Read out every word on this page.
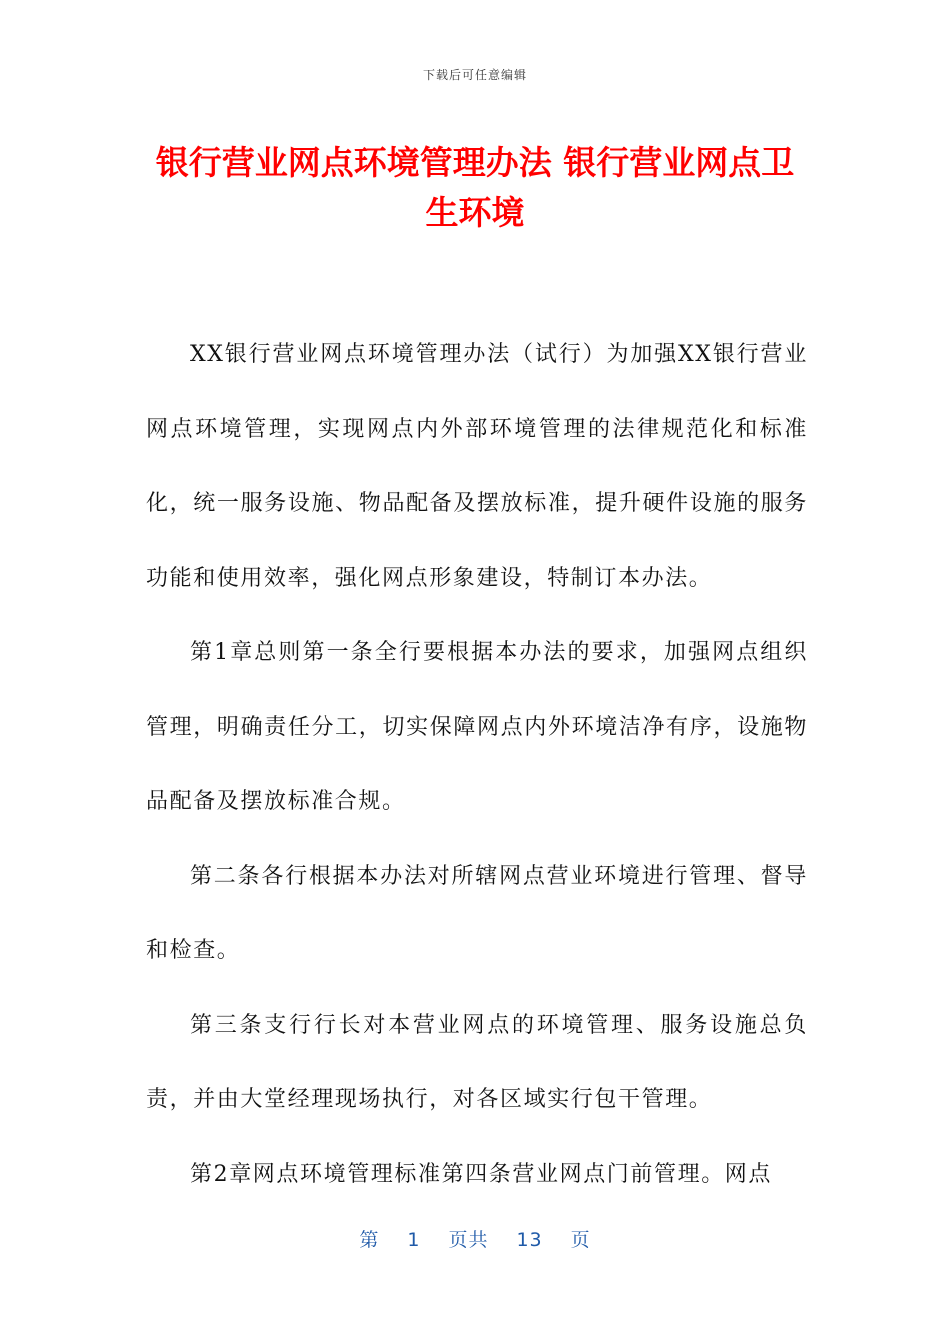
下载后可任意编辑
银行营业网点环境管理办法 银行营业网点卫生环境

XX银行营业网点环境管理办法（试行）为加强XX银行营业网点环境管理，实现网点内外部环境管理的法律规范化和标准化，统一服务设施、物品配备及摆放标准，提升硬件设施的服务功能和使用效率，强化网点形象建设，特制订本办法。

第1章总则第一条全行要根据本办法的要求，加强网点组织管理，明确责任分工，切实保障网点内外环境洁净有序，设施物品配备及摆放标准合规。

第二条各行根据本办法对所辖网点营业环境进行管理、督导和检查。

第三条支行行长对本营业网点的环境管理、服务设施总负责，并由大堂经理现场执行，对各区域实行包干管理。

第2章网点环境管理标准第四条营业网点门前管理。网点

第 1 页共 13 页
